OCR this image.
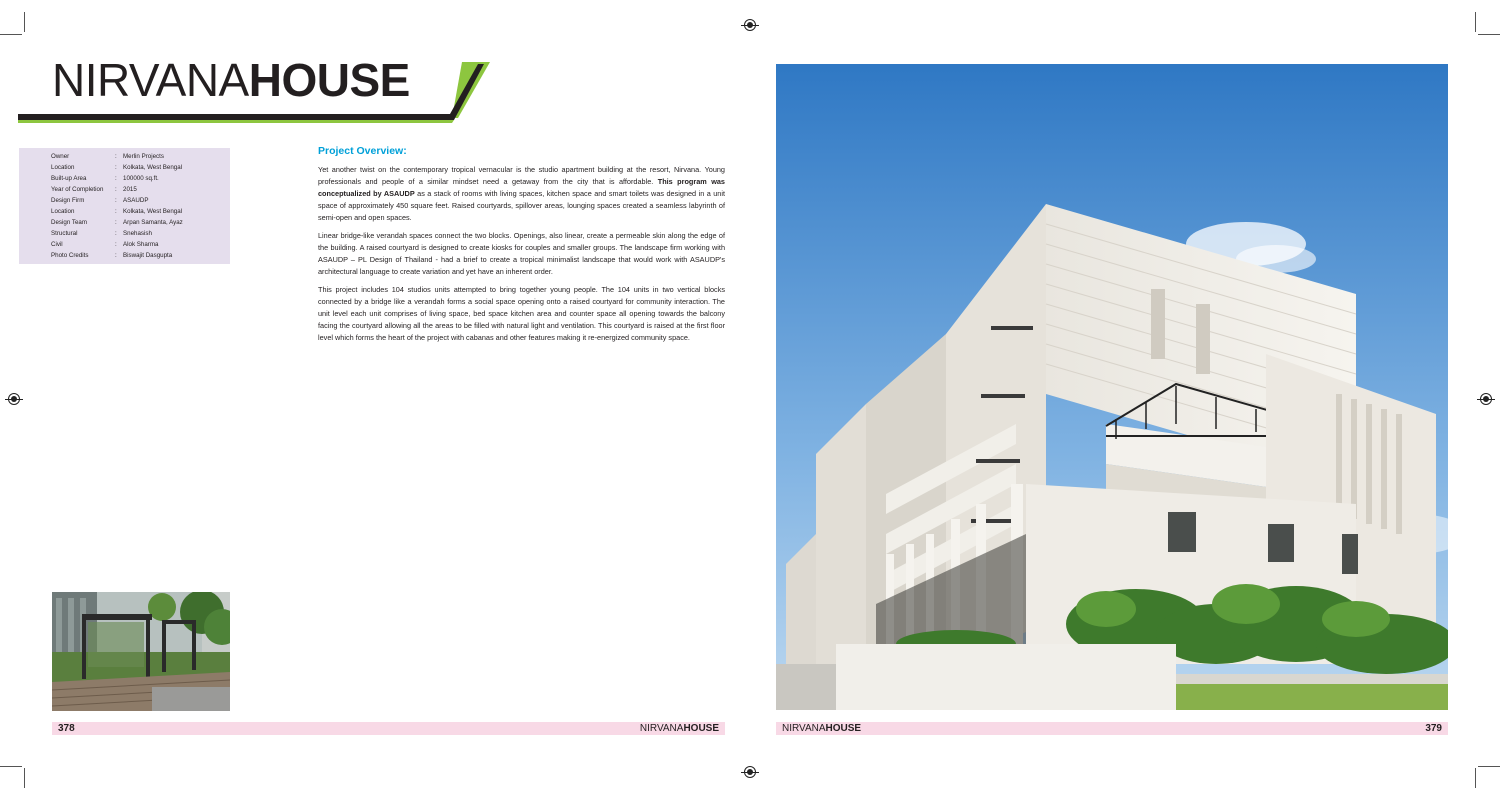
NIRVANAHOUSE
Owner	:	Merlin Projects
Location	:	Kolkata, West Bengal
Built-up Area	:	100000 sq.ft.
Year of Completion	:	2015
Design Firm	:	ASAUDP
Location	:	Kolkata, West Bengal
Design Team	:	Arpan Samanta, Ayaz
Structural	:	Snehasish
Civil	:	Alok Sharma
Photo Credits	:	Biswajit Dasgupta
Project Overview:

Yet another twist on the contemporary tropical vernacular is the studio apartment building at the resort, Nirvana. Young professionals and people of a similar mindset need a getaway from the city that is affordable. This program was conceptualized by ASAUDP as a stack of rooms with living spaces, kitchen space and smart toilets was designed in a unit space of approximately 450 square feet. Raised courtyards, spillover areas, lounging spaces created a seamless labyrinth of semi-open and open spaces.

Linear bridge-like verandah spaces connect the two blocks. Openings, also linear, create a permeable skin along the edge of the building. A raised courtyard is designed to create kiosks for couples and smaller groups. The landscape firm working with ASAUDP – PL Design of Thailand - had a brief to create a tropical minimalist landscape that would work with ASAUDP's architectural language to create variation and yet have an inherent order.

This project includes 104 studios units attempted to bring together young people. The 104 units in two vertical blocks connected by a bridge like a verandah forms a social space opening onto a raised courtyard for community interaction. The unit level each unit comprises of living space, bed space kitchen area and counter space all opening towards the balcony facing the courtyard allowing all the areas to be filled with natural light and ventilation. This courtyard is raised at the first floor level which forms the heart of the project with cabanas and other features making it re-energized community space.

378	NIRVANAHOUSE	NIRVANAHOUSE	379
